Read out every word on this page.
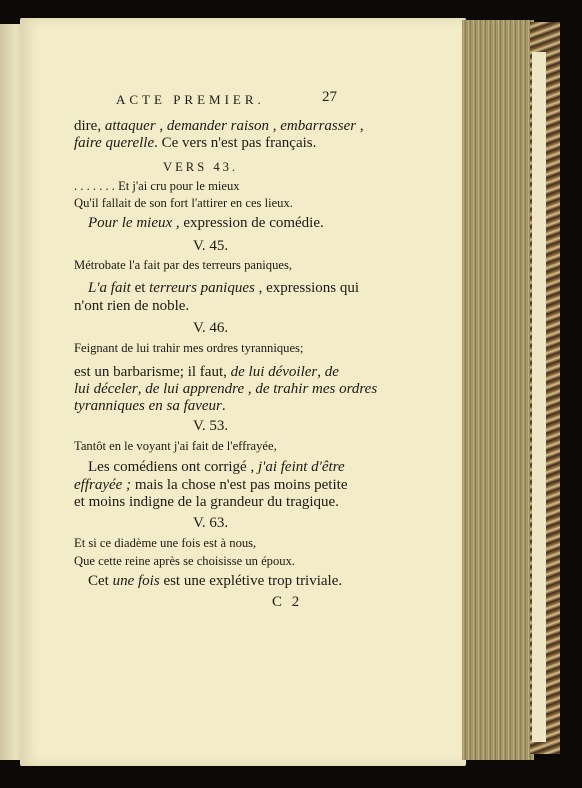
ACTE PREMIER.	27
dire, attaquer , demander raison , embarrasser ,
faire querelle. Ce vers n'est pas français.
VERS 43.
. . . . . . . Et j'ai cru pour le mieux
Qu'il fallait de son fort l'attirer en ces lieux.
Pour le mieux , expression de comédie.
V. 45.
Métrobate l'a fait par des terreurs paniques,
L'a fait et terreurs paniques , expressions qui
n'ont rien de noble.
V. 46.
Feignant de lui trahir mes ordres tyranniques;
est un barbarisme; il faut, de lui dévoiler, de
lui déceler, de lui apprendre , de trahir mes ordres
tyranniques en sa faveur.
V. 53.
Tantôt en le voyant j'ai fait de l'effrayée,
Les comédiens ont corrigé , j'ai feint d'être
effrayée ; mais la chose n'est pas moins petite
et moins indigne de la grandeur du tragique.
V. 63.
Et si ce diadème une fois est à nous,
Que cette reine après se choisisse un époux.
Cet une fois est une explétive trop triviale.
C 2
